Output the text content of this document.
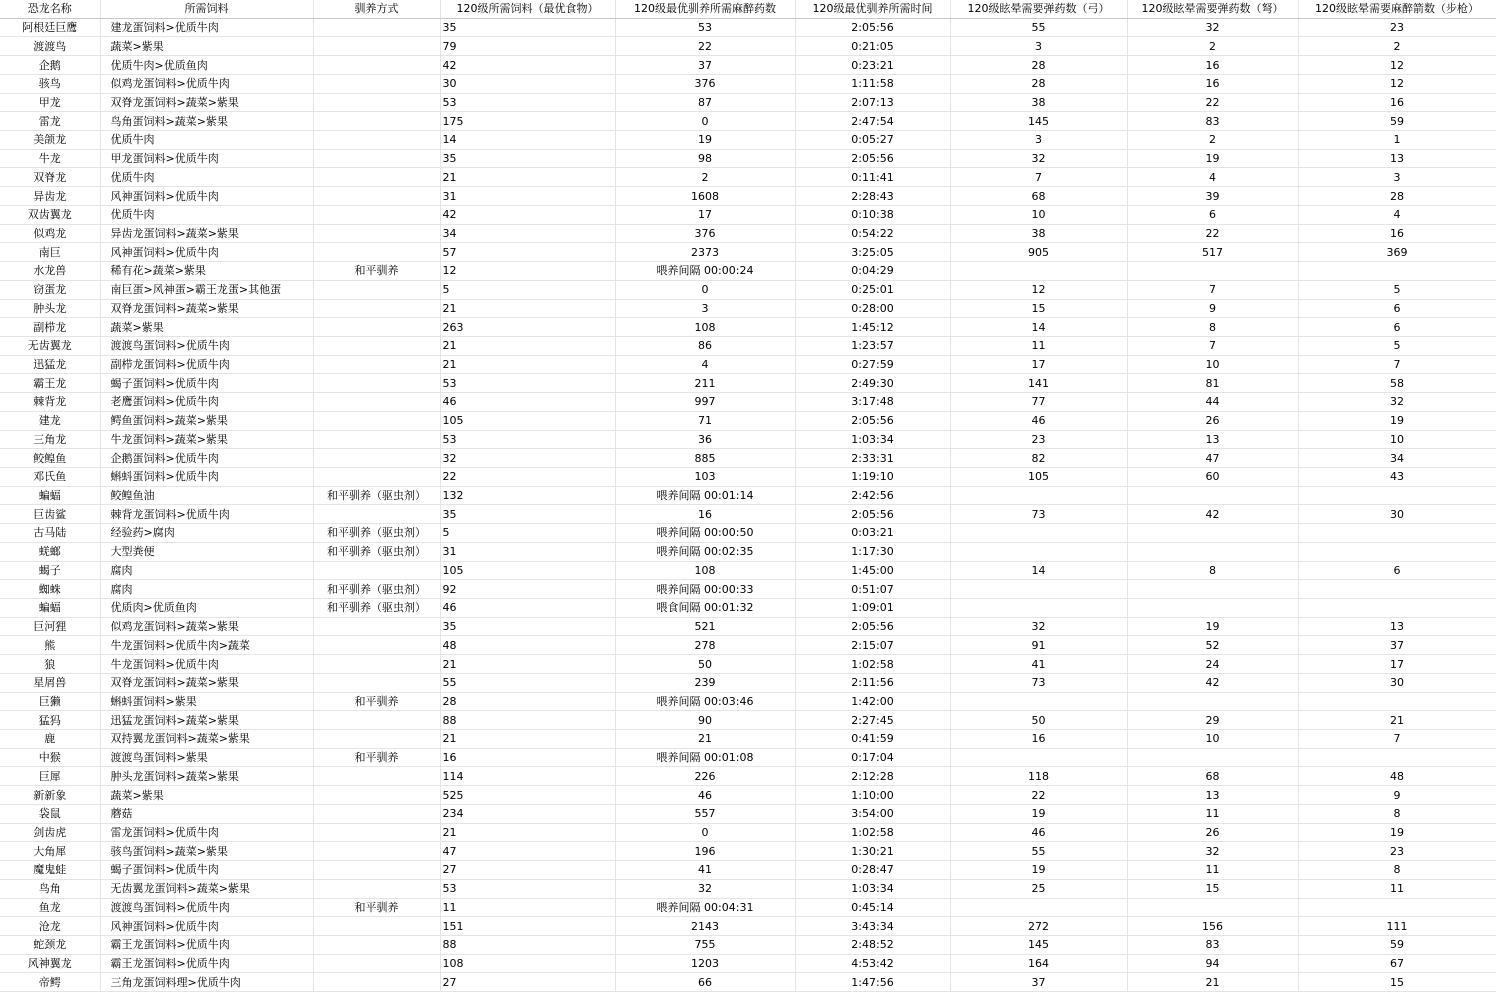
恐龙名称	所需饲料	驯养方式	120级所需饲料（最优食物）	120级最优驯养所需麻醉药数	120级最优驯养所需时间	120级眩晕需要弹药数（弓）	120级眩晕需要弹药数（弩）	120级眩晕需要麻醉箭数（步枪）
阿根廷巨鹰	建龙蛋饲料>优质牛肉		35	53	2:05:56	55	32	23
渡渡鸟	蔬菜>紫果		79	22	0:21:05	3	2	2
企鹅	优质牛肉>优质鱼肉		42	37	0:23:21	28	16	12
骇鸟	似鸡龙蛋饲料>优质牛肉		30	376	1:11:58	28	16	12
甲龙	双脊龙蛋饲料>蔬菜>紫果		53	87	2:07:13	38	22	16
雷龙	鸟角蛋饲料>蔬菜>紫果		175	0	2:47:54	145	83	59
美颌龙	优质牛肉		14	19	0:05:27	3	2	1
牛龙	甲龙蛋饲料>优质牛肉		35	98	2:05:56	32	19	13
双脊龙	优质牛肉		21	2	0:11:41	7	4	3
异齿龙	风神蛋饲料>优质牛肉		31	1608	2:28:43	68	39	28
双齿翼龙	优质牛肉		42	17	0:10:38	10	6	4
似鸡龙	异齿龙蛋饲料>蔬菜>紫果		34	376	0:54:22	38	22	16
南巨	风神蛋饲料>优质牛肉		57	2373	3:25:05	905	517	369
水龙兽	稀有花>蔬菜>紫果	和平驯养	12	喂养间隔 00:00:24	0:04:29			
窃蛋龙	南巨蛋>风神蛋>霸王龙蛋>其他蛋		5	0	0:25:01	12	7	5
肿头龙	双脊龙蛋饲料>蔬菜>紫果		21	3	0:28:00	15	9	6
副栉龙	蔬菜>紫果		263	108	1:45:12	14	8	6
无齿翼龙	渡渡鸟蛋饲料>优质牛肉		21	86	1:23:57	11	7	5
迅猛龙	副栉龙蛋饲料>优质牛肉		21	4	0:27:59	17	10	7
霸王龙	蝎子蛋饲料>优质牛肉		53	211	2:49:30	141	81	58
棘背龙	老鹰蛋饲料>优质牛肉		46	997	3:17:48	77	44	32
建龙	鳄鱼蛋饲料>蔬菜>紫果		105	71	2:05:56	46	26	19
三角龙	牛龙蛋饲料>蔬菜>紫果		53	36	1:03:34	23	13	10
鲛鳇鱼	企鹅蛋饲料>优质牛肉		32	885	2:33:31	82	47	34
邓氏鱼	蝌蚪蛋饲料>优质牛肉		22	103	1:19:10	105	60	43
蝙蝠	鲛鳇鱼油	和平驯养（驱虫剂）	132	喂养间隔 00:01:14	2:42:56			
巨齿鲨	棘背龙蛋饲料>优质牛肉		35	16	2:05:56	73	42	30
古马陆	经验药>腐肉	和平驯养（驱虫剂）	5	喂养间隔 00:00:50	0:03:21			
蜣螂	大型粪便	和平驯养（驱虫剂）	31	喂养间隔 00:02:35	1:17:30			
蝎子	腐肉		105	108	1:45:00	14	8	6
蜘蛛	腐肉	和平驯养（驱虫剂）	92	喂养间隔 00:00:33	0:51:07			
蝙蝠	优质肉>优质鱼肉	和平驯养（驱虫剂）	46	喂食间隔 00:01:32	1:09:01			
巨河狸	似鸡龙蛋饲料>蔬菜>紫果		35	521	2:05:56	32	19	13
熊	牛龙蛋饲料>优质牛肉>蔬菜		48	278	2:15:07	91	52	37
狼	牛龙蛋饲料>优质牛肉		21	50	1:02:58	41	24	17
星屑兽	双脊龙蛋饲料>蔬菜>紫果		55	239	2:11:56	73	42	30
巨獭	蝌蚪蛋饲料>紫果	和平驯养	28	喂养间隔 00:03:46	1:42:00			
猛犸	迅猛龙蛋饲料>蔬菜>紫果		88	90	2:27:45	50	29	21
鹿	双持翼龙蛋饲料>蔬菜>紫果		21	21	0:41:59	16	10	7
中猴	渡渡鸟蛋饲料>紫果	和平驯养	16	喂养间隔 00:01:08	0:17:04			
巨犀	肿头龙蛋饲料>蔬菜>紫果		114	226	2:12:28	118	68	48
新新象	蔬菜>紫果		525	46	1:10:00	22	13	9
袋鼠	蘑菇		234	557	3:54:00	19	11	8
剑齿虎	雷龙蛋饲料>优质牛肉		21	0	1:02:58	46	26	19
大角犀	骇鸟蛋饲料>蔬菜>紫果		47	196	1:30:21	55	32	23
魔鬼蛙	蝎子蛋饲料>优质牛肉		27	41	0:28:47	19	11	8
鸟角	无齿翼龙蛋饲料>蔬菜>紫果		53	32	1:03:34	25	15	11
鱼龙	渡渡鸟蛋饲料>优质牛肉	和平驯养	11	喂养间隔 00:04:31	0:45:14			
沧龙	风神蛋饲料>优质牛肉		151	2143	3:43:34	272	156	111
蛇颈龙	霸王龙蛋饲料>优质牛肉		88	755	2:48:52	145	83	59
风神翼龙	霸王龙蛋饲料>优质牛肉		108	1203	4:53:42	164	94	67
帝鳄	三角龙蛋饲料理>优质牛肉		27	66	1:47:56	37	21	15
